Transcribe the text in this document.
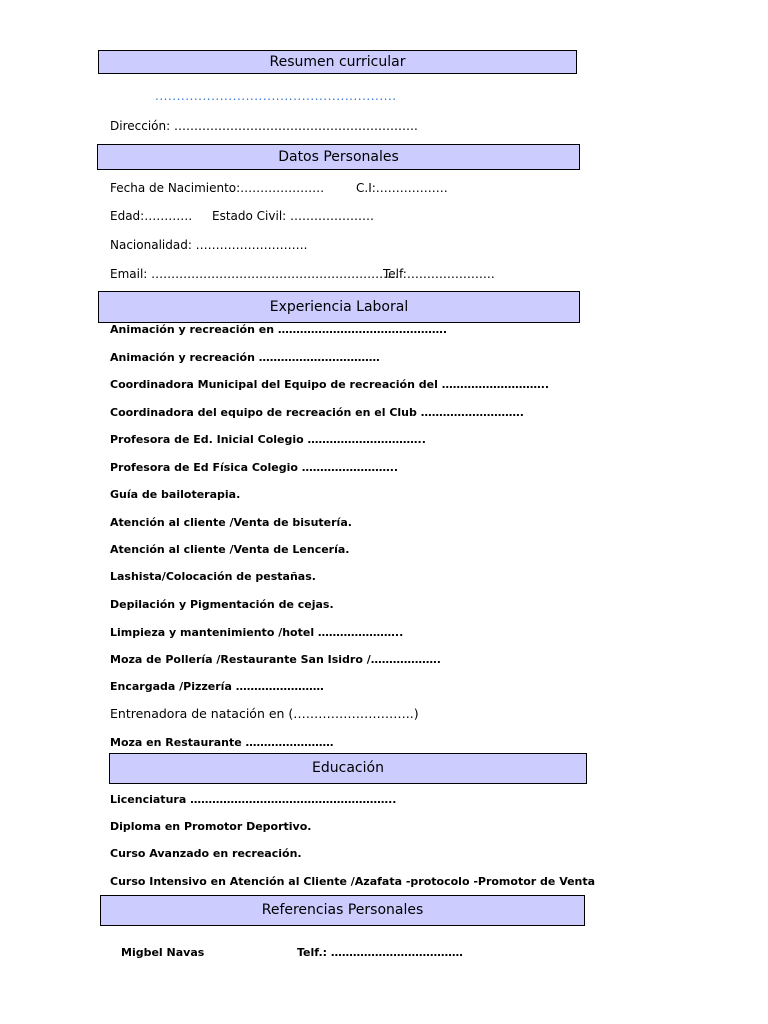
Resumen curricular
........................................................
Dirección: …………………………………………………….
Datos Personales
Fecha de Nacimiento:…………………	C.I:………………
Edad:………… Estado Civil: …………………
Nacionalidad: ……………………….
Email: ……………………………………………………..
Telf:………………….
Experiencia Laboral
Animación y recreación en ……………………………………….
Animación y recreación ……………………………
Coordinadora Municipal del Equipo de recreación del ………………………..
Coordinadora del equipo de recreación en el Club ……………………….
Profesora de Ed. Inicial Colegio …………………………..
Profesora de Ed Física Colegio ……………………..
Guía de bailoterapia.
Atención al cliente /Venta de bisutería.
Atención al cliente /Venta de Lencería.
Lashista/Colocación de pestañas.
Depilación y Pigmentación de cejas.
Limpieza y mantenimiento /hotel …………………..
Moza de Pollería /Restaurante San Isidro /……………….
Encargada /Pizzería ……………………
Entrenadora de natación en (………………………..)
Moza en Restaurante ……………………
Educación
Licenciatura ………………………………………………..
Diploma en Promotor Deportivo.
Curso Avanzado en recreación.
Curso Intensivo en Atención al Cliente /Azafata -protocolo -Promotor de Venta
Referencias Personales
Migbel Navas	Telf.: ………………………………
